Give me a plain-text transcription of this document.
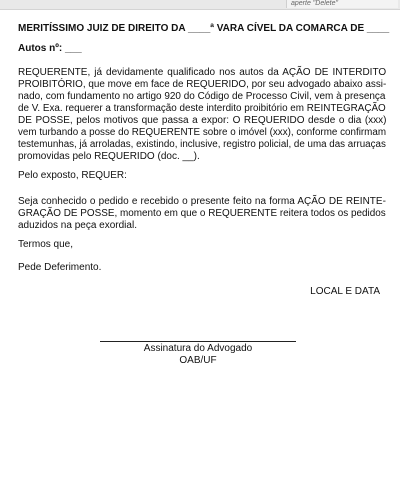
aperte "Delete"
MERITÍSSIMO JUIZ DE DIREITO DA ____ª VARA CÍVEL DA COMARCA DE ____
Autos nº: ___
REQUERENTE, já devidamente qualificado nos autos da AÇÃO DE INTERDITO
PROIBITÓRIO, que move em face de REQUERIDO, por seu advogado abaixo assi-
nado, com fundamento no artigo 920 do Código de Processo Civil, vem à presença
de V. Exa. requerer a transformação deste interdito proibitório em REINTEGRAÇÃO
DE POSSE, pelos motivos que passa a expor: O REQUERIDO desde o dia (xxx)
vem turbando a posse do REQUERENTE sobre o imóvel (xxx), conforme confirmam
testemunhas, já arroladas, existindo, inclusive, registro policial, de uma das arruaças
promovidas pelo REQUERIDO (doc. __).
Pelo exposto, REQUER:
Seja conhecido o pedido e recebido o presente feito na forma AÇÃO DE REINTE-
GRAÇÃO DE POSSE, momento em que o REQUERENTE reitera todos os pedidos
aduzidos na peça exordial.
Termos que,
Pede Deferimento.
LOCAL E DATA
Assinatura do Advogado
OAB/UF
